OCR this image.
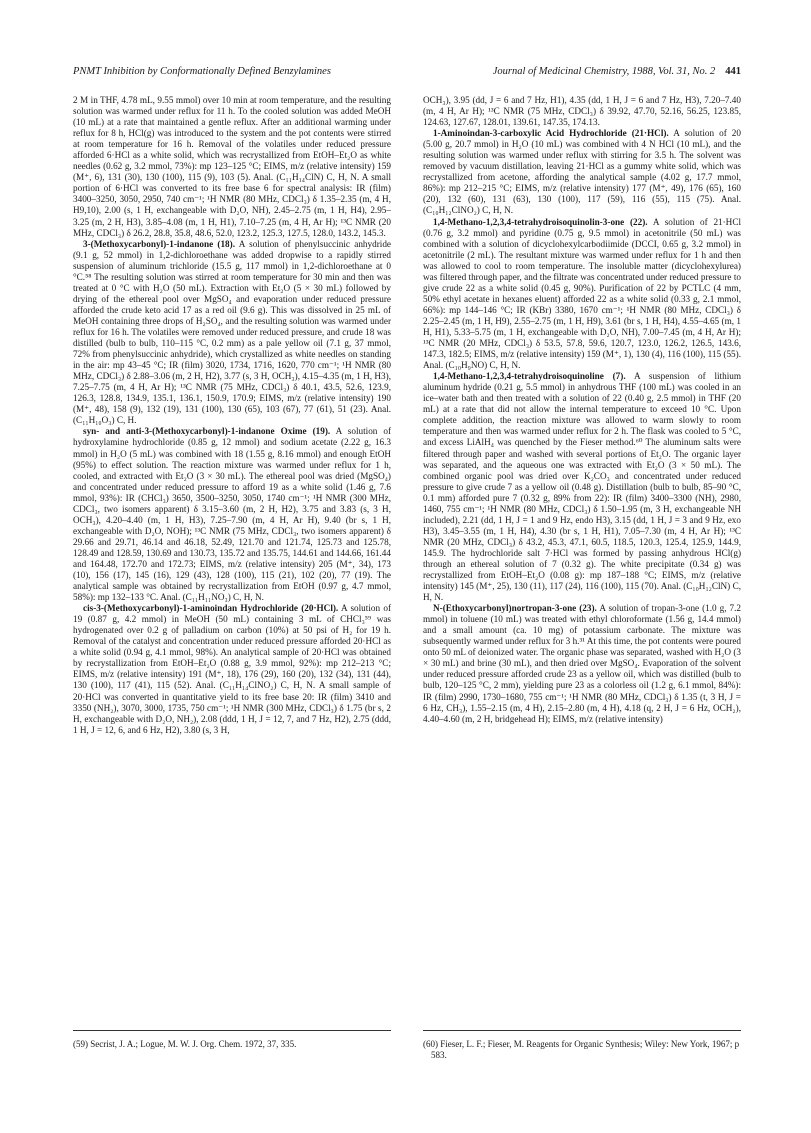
PNMT Inhibition by Conformationally Defined Benzylamines	Journal of Medicinal Chemistry, 1988, Vol. 31, No. 2 441

2 M in THF, 4.78 mL, 9.55 mmol) over 10 min at room temperature, and the resulting solution was warmed under reflux for 11 h. To the cooled solution was added MeOH (10 mL) at a rate that maintained a gentle reflux. After an additional warming under reflux for 8 h, HCl(g) was introduced to the system and the pot contents were stirred at room temperature for 16 h. Removal of the volatiles under reduced pressure afforded 6·HCl as a white solid, which was recrystallized from EtOH–Et₂O as white needles (0.62 g, 3.2 mmol, 73%): mp 123–125 °C; EIMS, m/z (relative intensity) 159 (M⁺, 6), 131 (30), 130 (100), 115 (9), 103 (5). Anal. (C₁₁H₁₄ClN) C, H, N. A small portion of 6·HCl was converted to its free base 6 for spectral analysis: IR (film) 3400–3250, 3050, 2950, 740 cm⁻¹; ¹H NMR (80 MHz, CDCl₃) δ 1.35–2.35 (m, 4 H, H9,10), 2.00 (s, 1 H, exchangeable with D₂O, NH), 2.45–2.75 (m, 1 H, H4), 2.95–3.25 (m, 2 H, H3), 3.85–4.08 (m, 1 H, H1), 7.10–7.25 (m, 4 H, Ar H); ¹³C NMR (20 MHz, CDCl₃) δ 26.2, 28.8, 35.8, 48.6, 52.0, 123.2, 125.3, 127.5, 128.0, 143.2, 145.3.

3-(Methoxycarbonyl)-1-indanone (18). A solution of phenylsuccinic anhydride (9.1 g, 52 mmol) in 1,2-dichloroethane was added dropwise to a rapidly stirred suspension of aluminum trichloride (15.5 g, 117 mmol) in 1,2-dichloroethane at 0 °C.⁵⁸ The resulting solution was stirred at room temperature for 30 min and then was treated at 0 °C with H₂O (50 mL). Extraction with Et₂O (5 × 30 mL) followed by drying of the ethereal pool over MgSO₄ and evaporation under reduced pressure afforded the crude keto acid 17 as a red oil (9.6 g). This was dissolved in 25 mL of MeOH containing three drops of H₂SO₄, and the resulting solution was warmed under reflux for 16 h. The volatiles were removed under reduced pressure, and crude 18 was distilled (bulb to bulb, 110–115 °C, 0.2 mm) as a pale yellow oil (7.1 g, 37 mmol, 72% from phenylsuccinic anhydride), which crystallized as white needles on standing in the air: mp 43–45 °C; IR (film) 3020, 1734, 1716, 1620, 770 cm⁻¹; ¹H NMR (80 MHz, CDCl₃) δ 2.88–3.06 (m, 2 H, H2), 3.77 (s, 3 H, OCH₃), 4.15–4.35 (m, 1 H, H3), 7.25–7.75 (m, 4 H, Ar H); ¹³C NMR (75 MHz, CDCl₃) δ 40.1, 43.5, 52.6, 123.9, 126.3, 128.8, 134.9, 135.1, 136.1, 150.9, 170.9; EIMS, m/z (relative intensity) 190 (M⁺, 48), 158 (9), 132 (19), 131 (100), 130 (65), 103 (67), 77 (61), 51 (23). Anal. (C₁₁H₁₀O₃) C, H.

syn- and anti-3-(Methoxycarbonyl)-1-indanone Oxime (19). A solution of hydroxylamine hydrochloride (0.85 g, 12 mmol) and sodium acetate (2.22 g, 16.3 mmol) in H₂O (5 mL) was combined with 18 (1.55 g, 8.16 mmol) and enough EtOH (95%) to effect solution. The reaction mixture was warmed under reflux for 1 h, cooled, and extracted with Et₂O (3 × 30 mL). The ethereal pool was dried (MgSO₄) and concentrated under reduced pressure to afford 19 as a white solid (1.46 g, 7.6 mmol, 93%): IR (CHCl₃) 3650, 3500–3250, 3050, 1740 cm⁻¹; ¹H NMR (300 MHz, CDCl₃, two isomers apparent) δ 3.15–3.60 (m, 2 H, H2), 3.75 and 3.83 (s, 3 H, OCH₃), 4.20–4.40 (m, 1 H, H3), 7.25–7.90 (m, 4 H, Ar H), 9.40 (br s, 1 H, exchangeable with D₂O, NOH); ¹³C NMR (75 MHz, CDCl₃, two isomers apparent) δ 29.66 and 29.71, 46.14 and 46.18, 52.49, 121.70 and 121.74, 125.73 and 125.78, 128.49 and 128.59, 130.69 and 130.73, 135.72 and 135.75, 144.61 and 144.66, 161.44 and 164.48, 172.70 and 172.73; EIMS, m/z (relative intensity) 205 (M⁺, 34), 173 (10), 156 (17), 145 (16), 129 (43), 128 (100), 115 (21), 102 (20), 77 (19). The analytical sample was obtained by recrystallization from EtOH (0.97 g, 4.7 mmol, 58%): mp 132–133 °C. Anal. (C₁₁H₁₁NO₃) C, H, N.

cis-3-(Methoxycarbonyl)-1-aminoindan Hydrochloride (20·HCl). A solution of 19 (0.87 g, 4.2 mmol) in MeOH (50 mL) containing 3 mL of CHCl₃⁵⁹ was hydrogenated over 0.2 g of palladium on carbon (10%) at 50 psi of H₂ for 19 h. Removal of the catalyst and concentration under reduced pressure afforded 20·HCl as a white solid (0.94 g, 4.1 mmol, 98%). An analytical sample of 20·HCl was obtained by recrystallization from EtOH–Et₂O (0.88 g, 3.9 mmol, 92%): mp 212–213 °C; EIMS, m/z (relative intensity) 191 (M⁺, 18), 176 (29), 160 (20), 132 (34), 131 (44), 130 (100), 117 (41), 115 (52). Anal. (C₁₁H₁₄ClNO₂) C, H, N. A small sample of 20·HCl was converted in quantitative yield to its free base 20: IR (film) 3410 and 3350 (NH₂), 3070, 3000, 1735, 750 cm⁻¹; ¹H NMR (300 MHz, CDCl₃) δ 1.75 (br s, 2 H, exchangeable with D₂O, NH₂), 2.08 (ddd, 1 H, J = 12, 7, and 7 Hz, H2), 2.75 (ddd, 1 H, J = 12, 6, and 6 Hz, H2), 3.80 (s, 3 H,

OCH₃), 3.95 (dd, J = 6 and 7 Hz, H1), 4.35 (dd, 1 H, J = 6 and 7 Hz, H3), 7.20–7.40 (m, 4 H, Ar H); ¹³C NMR (75 MHz, CDCl₃) δ 39.92, 47.70, 52.16, 56.25, 123.85, 124.63, 127.67, 128.01, 139.61, 147.35, 174.13.

1-Aminoindan-3-carboxylic Acid Hydrochloride (21·HCl). A solution of 20 (5.00 g, 20.7 mmol) in H₂O (10 mL) was combined with 4 N HCl (10 mL), and the resulting solution was warmed under reflux with stirring for 3.5 h. The solvent was removed by vacuum distillation, leaving 21·HCl as a gummy white solid, which was recrystallized from acetone, affording the analytical sample (4.02 g, 17.7 mmol, 86%): mp 212–215 °C; EIMS, m/z (relative intensity) 177 (M⁺, 49), 176 (65), 160 (20), 132 (60), 131 (63), 130 (100), 117 (59), 116 (55), 115 (75). Anal. (C₁₀H₁₂ClNO₂) C, H, N.

1,4-Methano-1,2,3,4-tetrahydroisoquinolin-3-one (22). A solution of 21·HCl (0.76 g, 3.2 mmol) and pyridine (0.75 g, 9.5 mmol) in acetonitrile (50 mL) was combined with a solution of dicyclohexylcarbodiimide (DCCI, 0.65 g, 3.2 mmol) in acetonitrile (2 mL). The resultant mixture was warmed under reflux for 1 h and then was allowed to cool to room temperature. The insoluble matter (dicyclohexylurea) was filtered through paper, and the filtrate was concentrated under reduced pressure to give crude 22 as a white solid (0.45 g, 90%). Purification of 22 by PCTLC (4 mm, 50% ethyl acetate in hexanes eluent) afforded 22 as a white solid (0.33 g, 2.1 mmol, 66%): mp 144–146 °C; IR (KBr) 3380, 1670 cm⁻¹; ¹H NMR (80 MHz, CDCl₃) δ 2.25–2.45 (m, 1 H, H9), 2.55–2.75 (m, 1 H, H9), 3.61 (br s, 1 H, H4), 4.55–4.65 (m, 1 H, H1), 5.33–5.75 (m, 1 H, exchangeable with D₂O, NH), 7.00–7.45 (m, 4 H, Ar H); ¹³C NMR (20 MHz, CDCl₃) δ 53.5, 57.8, 59.6, 120.7, 123.0, 126.2, 126.5, 143.6, 147.3, 182.5; EIMS, m/z (relative intensity) 159 (M⁺, 1), 130 (4), 116 (100), 115 (55). Anal. (C₁₀H₉NO) C, H, N.

1,4-Methano-1,2,3,4-tetrahydroisoquinoline (7). A suspension of lithium aluminum hydride (0.21 g, 5.5 mmol) in anhydrous THF (100 mL) was cooled in an ice–water bath and then treated with a solution of 22 (0.40 g, 2.5 mmol) in THF (20 mL) at a rate that did not allow the internal temperature to exceed 10 °C. Upon complete addition, the reaction mixture was allowed to warm slowly to room temperature and then was warmed under reflux for 2 h. The flask was cooled to 5 °C, and excess LiAlH₄ was quenched by the Fieser method.⁶⁰ The aluminum salts were filtered through paper and washed with several portions of Et₂O. The organic layer was separated, and the aqueous one was extracted with Et₂O (3 × 50 mL). The combined organic pool was dried over K₂CO₃ and concentrated under reduced pressure to give crude 7 as a yellow oil (0.48 g). Distillation (bulb to bulb, 85–90 °C, 0.1 mm) afforded pure 7 (0.32 g, 89% from 22): IR (film) 3400–3300 (NH), 2980, 1460, 755 cm⁻¹; ¹H NMR (80 MHz, CDCl₃) δ 1.50–1.95 (m, 3 H, exchangeable NH included), 2.21 (dd, 1 H, J = 1 and 9 Hz, endo H3), 3.15 (dd, 1 H, J = 3 and 9 Hz, exo H3), 3.45–3.55 (m, 1 H, H4), 4.30 (br s, 1 H, H1), 7.05–7.30 (m, 4 H, Ar H); ¹³C NMR (20 MHz, CDCl₃) δ 43.2, 45.3, 47.1, 60.5, 118.5, 120.3, 125.4, 125.9, 144.9, 145.9. The hydrochloride salt 7·HCl was formed by passing anhydrous HCl(g) through an ethereal solution of 7 (0.32 g). The white precipitate (0.34 g) was recrystallized from EtOH–Et₂O (0.08 g): mp 187–188 °C; EIMS, m/z (relative intensity) 145 (M⁺, 25), 130 (11), 117 (24), 116 (100), 115 (70). Anal. (C₁₀H₁₂ClN) C, H, N.

N-(Ethoxycarbonyl)nortropan-3-one (23). A solution of tropan-3-one (1.0 g, 7.2 mmol) in toluene (10 mL) was treated with ethyl chloroformate (1.56 g, 14.4 mmol) and a small amount (ca. 10 mg) of potassium carbonate. The mixture was subsequently warmed under reflux for 3 h.³¹ At this time, the pot contents were poured onto 50 mL of deionized water. The organic phase was separated, washed with H₂O (3 × 30 mL) and brine (30 mL), and then dried over MgSO₄. Evaporation of the solvent under reduced pressure afforded crude 23 as a yellow oil, which was distilled (bulb to bulb, 120–125 °C, 2 mm), yielding pure 23 as a colorless oil (1.2 g, 6.1 mmol, 84%): IR (film) 2990, 1730–1680, 755 cm⁻¹; ¹H NMR (80 MHz, CDCl₃) δ 1.35 (t, 3 H, J = 6 Hz, CH₃), 1.55–2.15 (m, 4 H), 2.15–2.80 (m, 4 H), 4.18 (q, 2 H, J = 6 Hz, OCH₂), 4.40–4.60 (m, 2 H, bridgehead H); EIMS, m/z (relative intensity)

(59) Secrist, J. A.; Logue, M. W. J. Org. Chem. 1972, 37, 335.	(60) Fieser, L. F.; Fieser, M. Reagents for Organic Synthesis; Wiley: New York, 1967; p 583.
